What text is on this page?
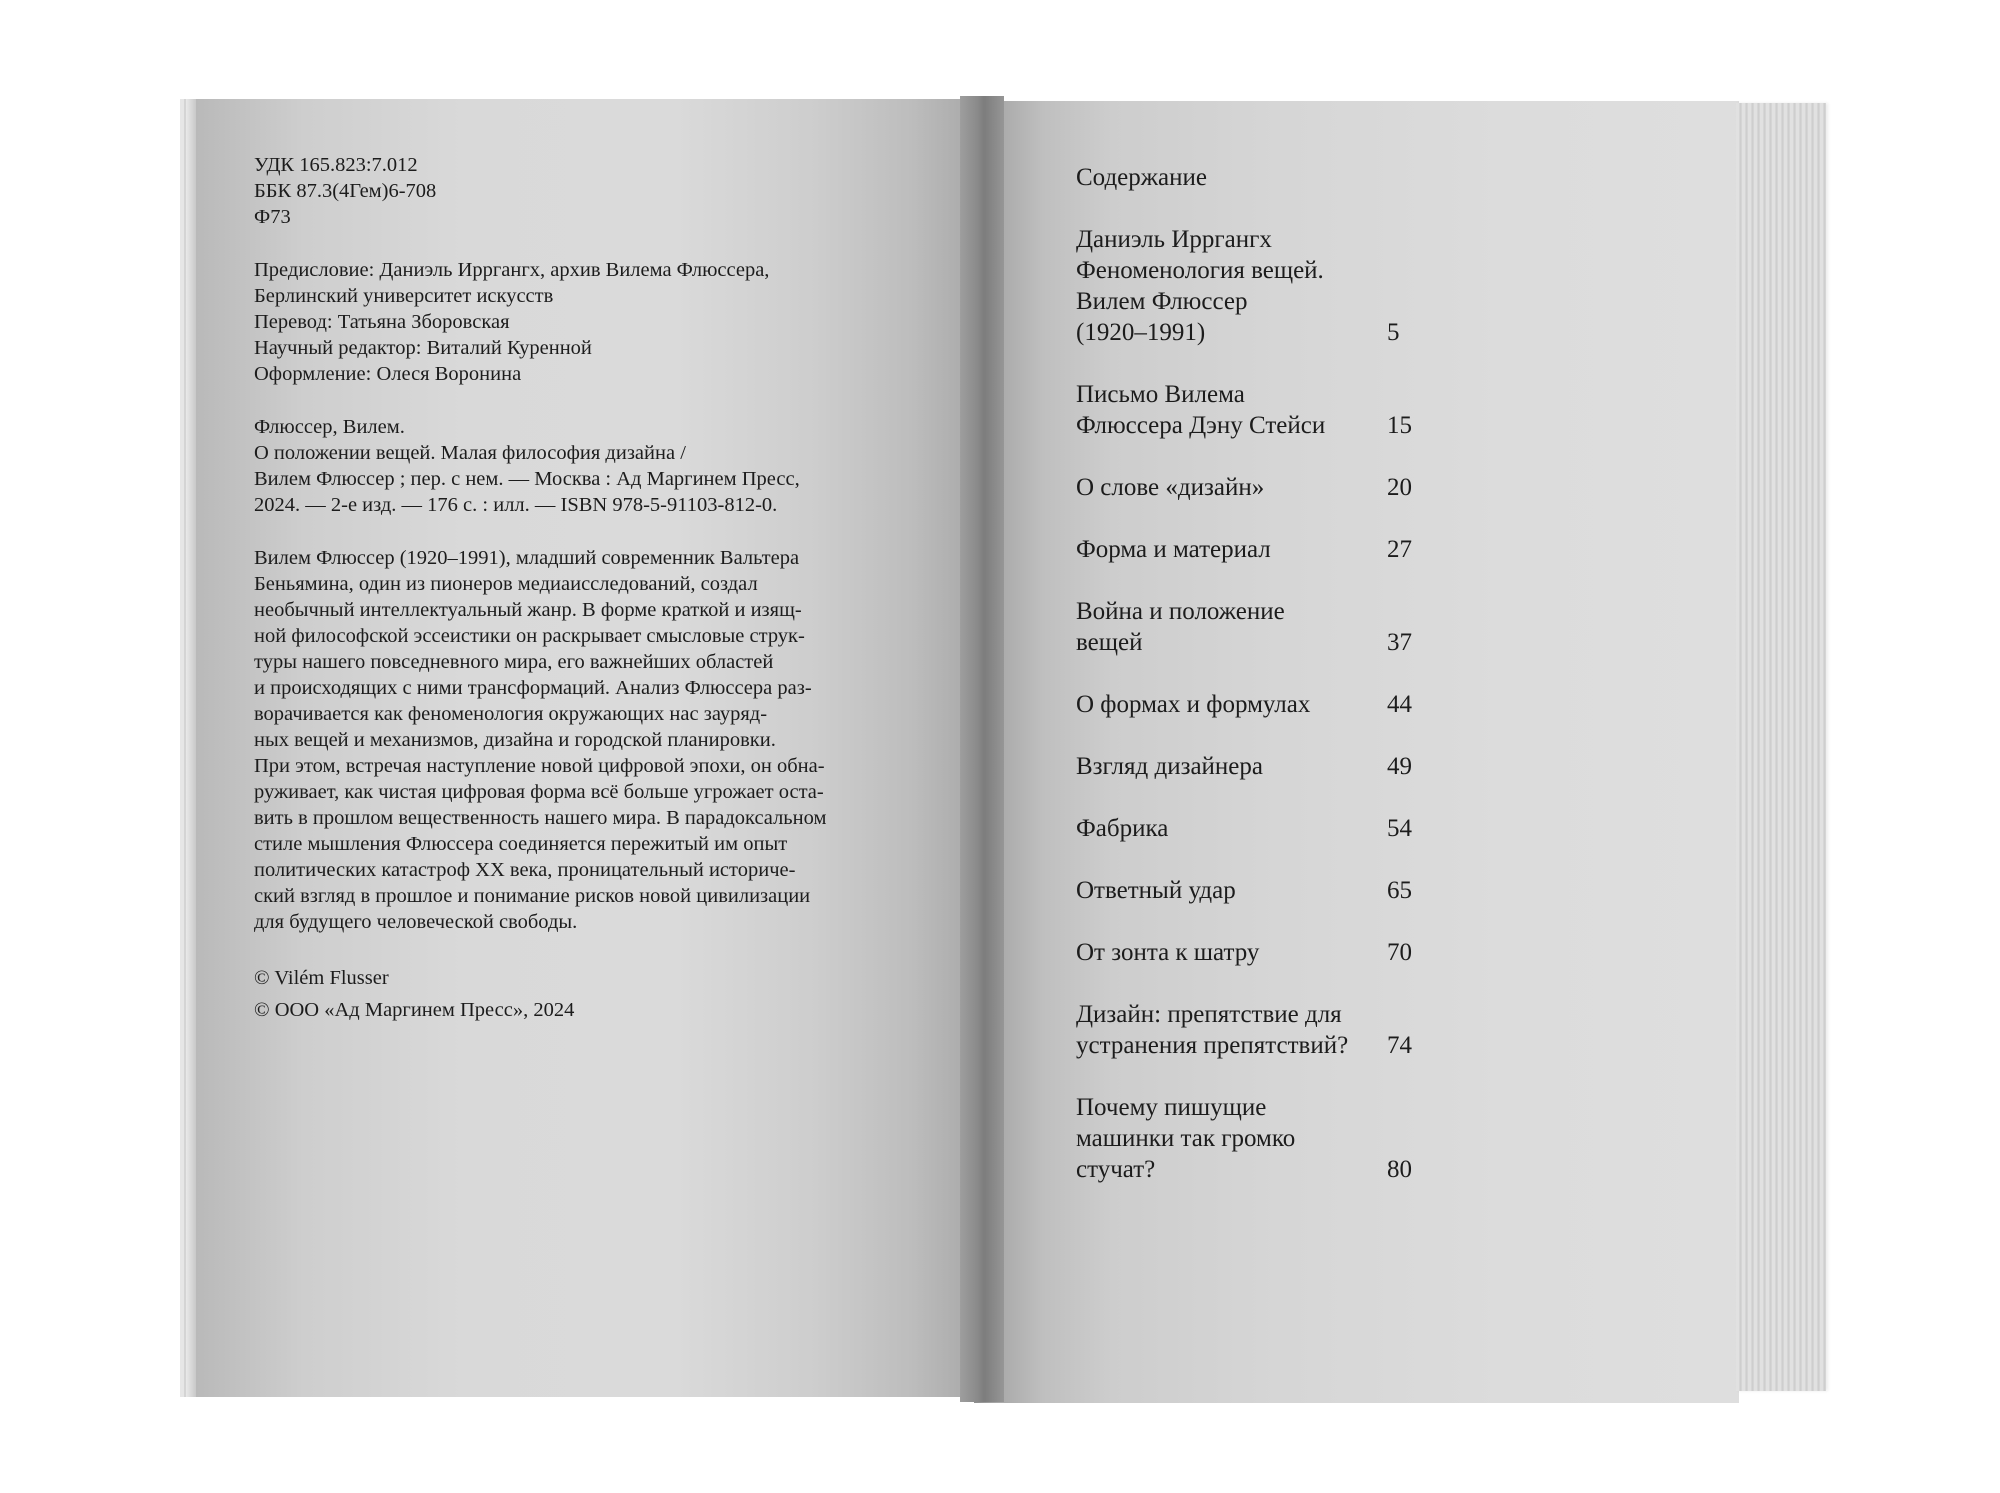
УДК 165.823:7.012
ББК 87.3(4Гем)6-708
Ф73
Предисловие: Даниэль Ирргангx, архив Вилема Флюссера,
Берлинский университет искусств
Перевод: Татьяна Зборовская
Научный редактор: Виталий Куренной
Оформление: Олеся Воронина
Флюссер, Вилем.
О положении вещей. Малая философия дизайна /
Вилем Флюссер ; пер. с нем. — Москва : Ад Маргинем Пресс,
2024. — 2-е изд. — 176 с. : илл. — ISBN 978-5-91103-812-0.
Вилем Флюссер (1920–1991), младший современник Вальтера
Беньямина, один из пионеров медиаисследований, создал
необычный интеллектуальный жанр. В форме краткой и изящ-
ной философской эссеистики он раскрывает смысловые струк-
туры нашего повседневного мира, его важнейших областей
и происходящих с ними трансформаций. Анализ Флюссера раз-
ворачивается как феноменология окружающих нас зауряд-
ных вещей и механизмов, дизайна и городской планировки.
При этом, встречая наступление новой цифровой эпохи, он обна-
руживает, как чистая цифровая форма всё больше угрожает оста-
вить в прошлом вещественность нашего мира. В парадоксальном
стиле мышления Флюссера соединяется пережитый им опыт
политических катастроф XX века, проницательный историче-
ский взгляд в прошлое и понимание рисков новой цивилизации
для будущего человеческой свободы.
© Vilém Flusser
© ООО «Ад Маргинем Пресс», 2024
Содержание
Даниэль Ирргангx
Феноменология вещей.
Вилем Флюссер
(1920–1991)	5
Письмо Вилема
Флюссера Дэну Стейси	15
О слове «дизайн»	20
Форма и материал	27
Война и положение
вещей	37
О формах и формулах	44
Взгляд дизайнера	49
Фабрика	54
Ответный удар	65
От зонта к шатру	70
Дизайн: препятствие для
устранения препятствий?	74
Почему пишущие
машинки так громко
стучат?	80
